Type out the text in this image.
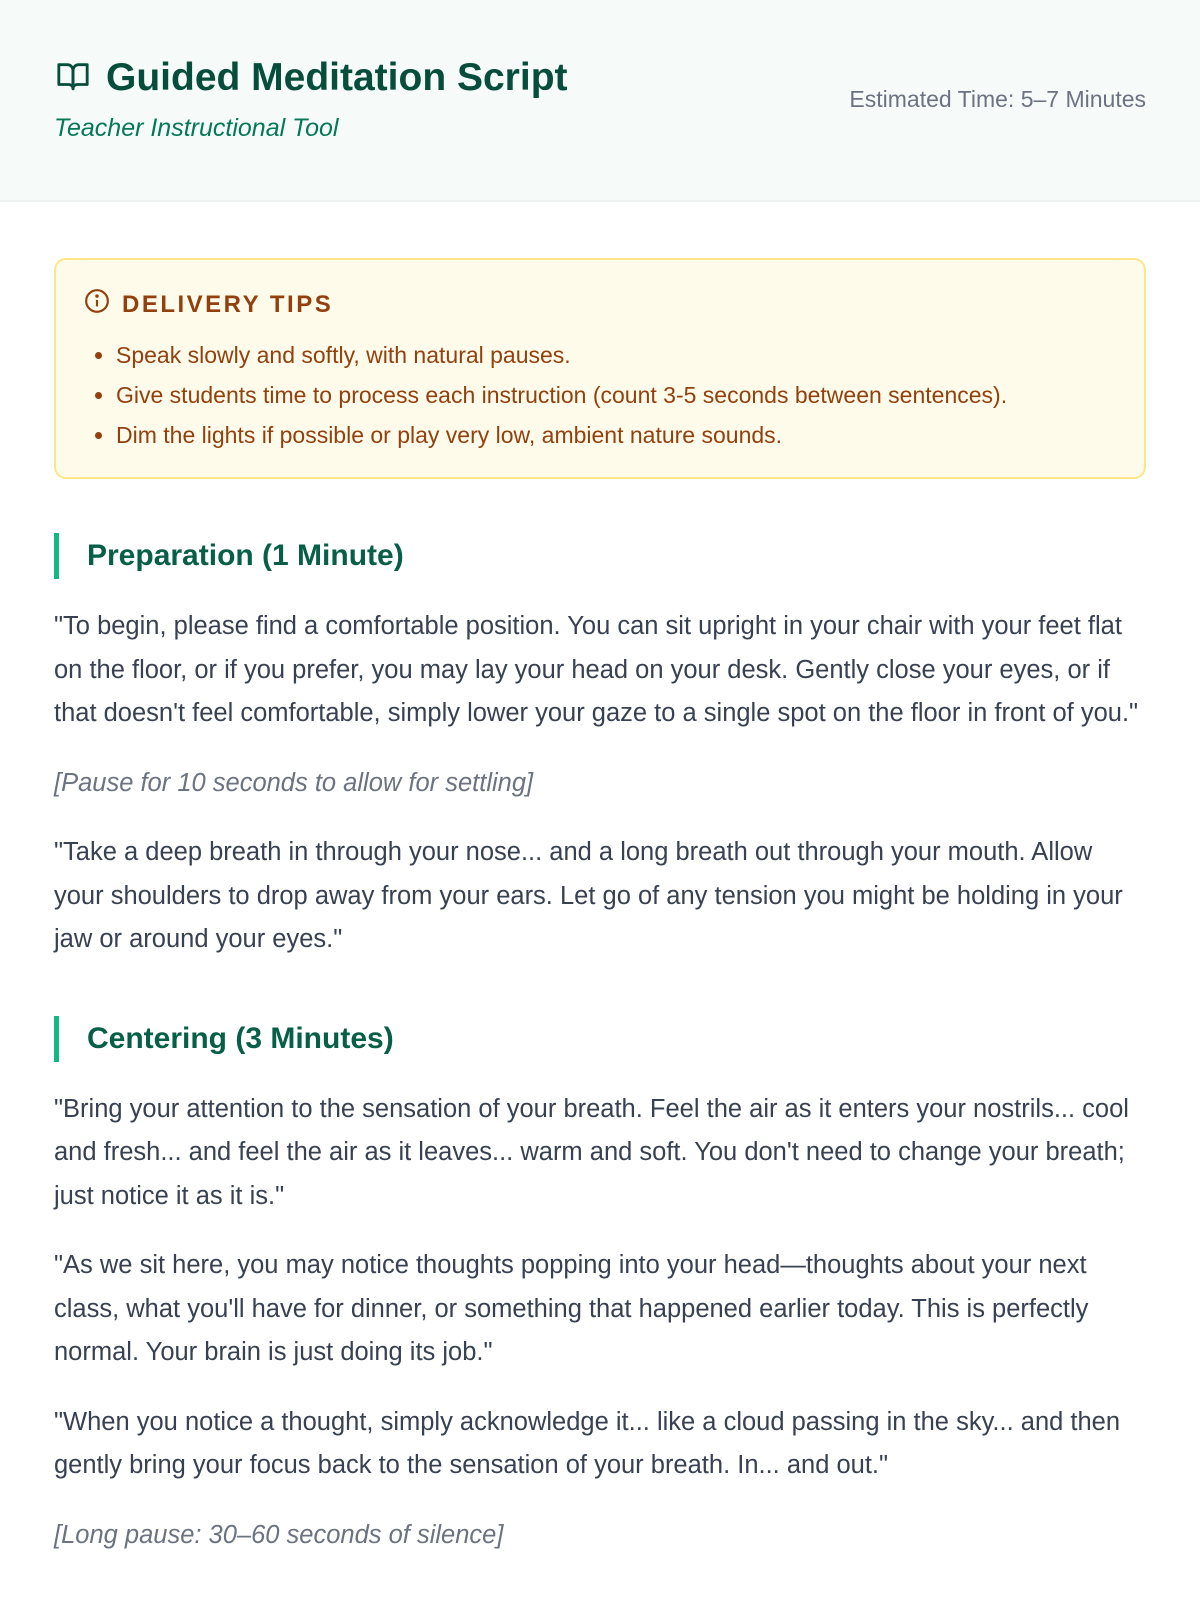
Guided Meditation Script
Teacher Instructional Tool
Estimated Time: 5–7 Minutes
DELIVERY TIPS
• Speak slowly and softly, with natural pauses.
• Give students time to process each instruction (count 3-5 seconds between sentences).
• Dim the lights if possible or play very low, ambient nature sounds.
Preparation (1 Minute)

"To begin, please find a comfortable position. You can sit upright in your chair with your feet flat on the floor, or if you prefer, you may lay your head on your desk. Gently close your eyes, or if that doesn't feel comfortable, simply lower your gaze to a single spot on the floor in front of you."

[Pause for 10 seconds to allow for settling]

"Take a deep breath in through your nose... and a long breath out through your mouth. Allow your shoulders to drop away from your ears. Let go of any tension you might be holding in your jaw or around your eyes."

Centering (3 Minutes)

"Bring your attention to the sensation of your breath. Feel the air as it enters your nostrils... cool and fresh... and feel the air as it leaves... warm and soft. You don't need to change your breath; just notice it as it is."

"As we sit here, you may notice thoughts popping into your head—thoughts about your next class, what you'll have for dinner, or something that happened earlier today. This is perfectly normal. Your brain is just doing its job."

"When you notice a thought, simply acknowledge it... like a cloud passing in the sky... and then gently bring your focus back to the sensation of your breath. In... and out."

[Long pause: 30–60 seconds of silence]
